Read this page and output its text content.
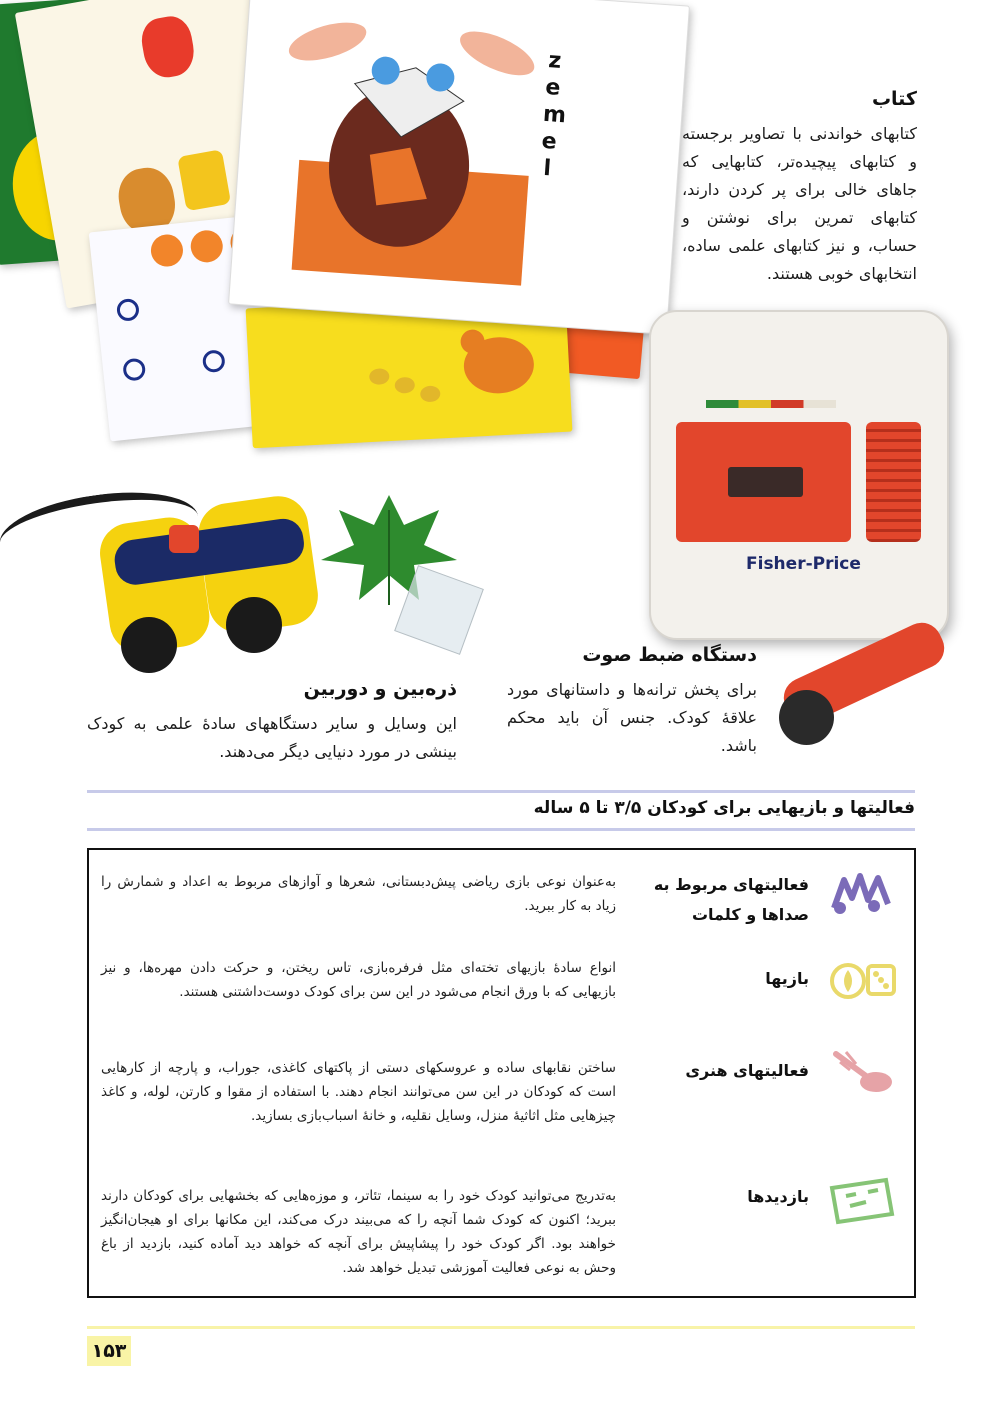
z
e
m
e
l
Fisher-Price
کتاب
کتابهای خواندنی با تصاویر برجسته و کتابهای پیچیده‌تر، کتابهایی که جاهای خالی برای پر کردن دارند، کتابهای تمرین برای نوشتن و حساب، و نیز کتابهای علمی ساده، انتخابهای خوبی هستند.
دستگاه ضبط صوت
برای پخش ترانه‌ها و داستانهای مورد علاقهٔ کودک. جنس آن باید محکم باشد.
ذره‌بین و دوربین
این وسایل و سایر دستگاههای سادهٔ علمی به کودک بینشی در مورد دنیایی دیگر می‌دهند.
فعالیتها و بازیهایی برای کودکان ۳/۵ تا ۵ ساله
فعالیتهای مربوط به صداها و کلمات
به‌عنوان نوعی بازی ریاضی پیش‌دبستانی، شعرها و آوازهای مربوط به اعداد و شمارش را زیاد به کار ببرید.
بازیها
انواع سادهٔ بازیهای تخته‌ای مثل فرفره‌بازی، تاس ریختن، و حرکت دادن مهره‌ها، و نیز بازیهایی که با ورق انجام می‌شود در این سن برای کودک دوست‌داشتنی هستند.
فعالیتهای هنری
ساختن نقابهای ساده و عروسکهای دستی از پاکتهای کاغذی، جوراب، و پارچه از کارهایی است که کودکان در این سن می‌توانند انجام دهند. با استفاده از مقوا و کارتن، لوله، و کاغذ چیزهایی مثل اثاثیهٔ منزل، وسایل نقلیه، و خانهٔ اسباب‌بازی بسازید.
بازدیدها
به‌تدریج می‌توانید کودک خود را به سینما، تئاتر، و موزه‌هایی که بخشهایی برای کودکان دارند ببرید؛ اکنون که کودک شما آنچه را که می‌بیند درک می‌کند، این مکانها برای او هیجان‌انگیز خواهند بود. اگر کودک خود را پیشاپیش برای آنچه که خواهد دید آماده کنید، بازدید از باغ وحش به نوعی فعالیت آموزشی تبدیل خواهد شد.
۱۵۳
